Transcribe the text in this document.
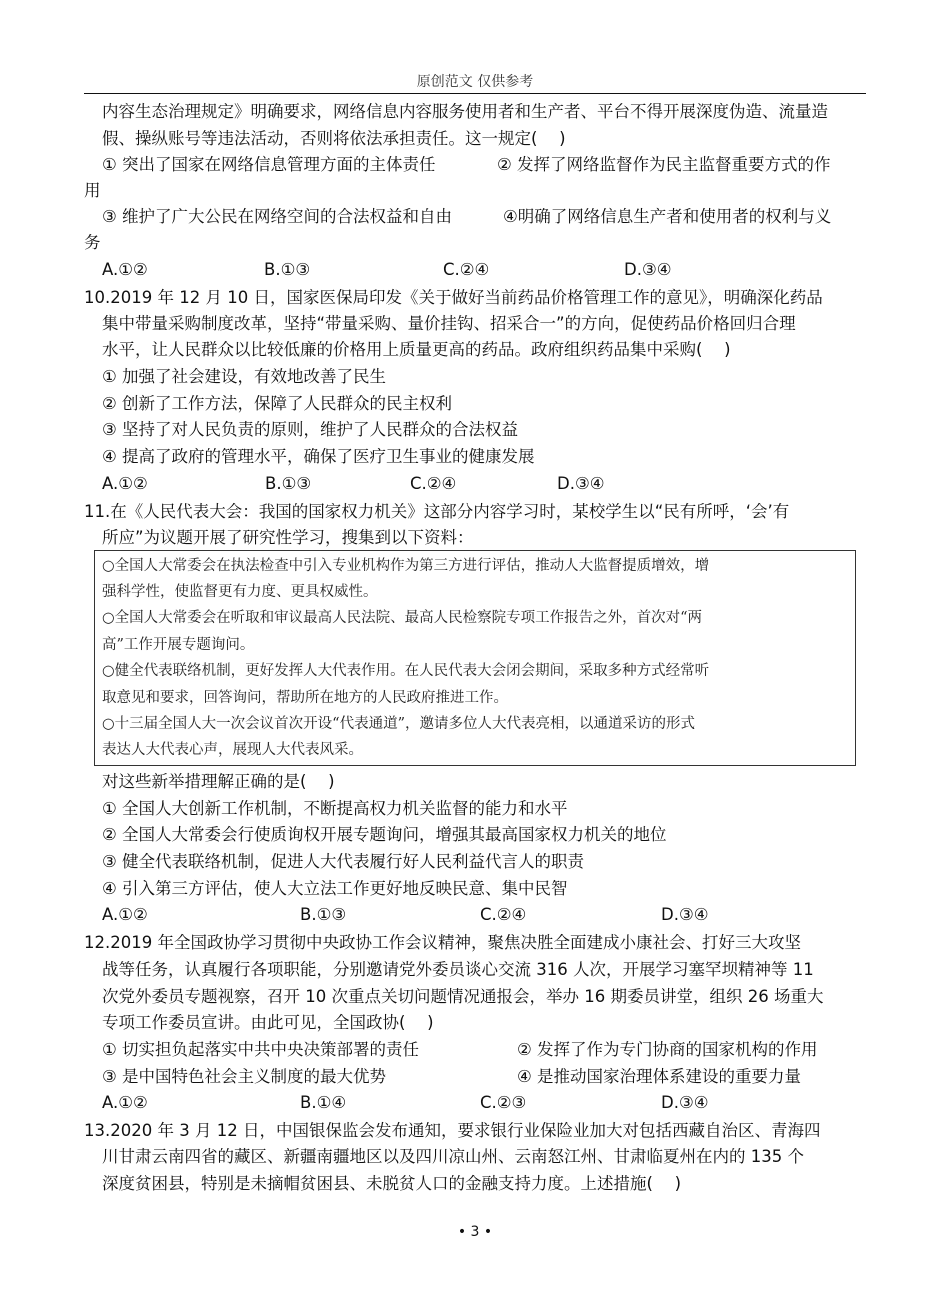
原创范文 仅供参考
内容生态治理规定》明确要求，网络信息内容服务使用者和生产者、平台不得开展深度伪造、流量造
假、操纵账号等违法活动，否则将依法承担责任。这一规定(　 )
① 突出了国家在网络信息管理方面的主体责任	② 发挥了网络监督作为民主监督重要方式的作
用
③ 维护了广大公民在网络空间的合法权益和自由	④明确了网络信息生产者和使用者的权利与义
务
A.①②	B.①③	C.②④	D.③④
10.2019 年 12 月 10 日，国家医保局印发《关于做好当前药品价格管理工作的意见》，明确深化药品
集中带量采购制度改革，坚持“带量采购、量价挂钩、招采合一”的方向，促使药品价格回归合理
水平，让人民群众以比较低廉的价格用上质量更高的药品。政府组织药品集中采购(　 )
① 加强了社会建设，有效地改善了民生
② 创新了工作方法，保障了人民群众的民主权利
③ 坚持了对人民负责的原则，维护了人民群众的合法权益
④ 提高了政府的管理水平，确保了医疗卫生事业的健康发展
A.①②	B.①③	C.②④	D.③④
11.在《人民代表大会：我国的国家权力机关》这部分内容学习时，某校学生以“民有所呼，‘会’有
所应”为议题开展了研究性学习，搜集到以下资料：
○全国人大常委会在执法检查中引入专业机构作为第三方进行评估，推动人大监督提质增效，增
强科学性，使监督更有力度、更具权威性。
○全国人大常委会在听取和审议最高人民法院、最高人民检察院专项工作报告之外，首次对“两
高”工作开展专题询问。
○健全代表联络机制，更好发挥人大代表作用。在人民代表大会闭会期间，采取多种方式经常听
取意见和要求，回答询问，帮助所在地方的人民政府推进工作。
○十三届全国人大一次会议首次开设“代表通道”，邀请多位人大代表亮相，以通道采访的形式
表达人大代表心声，展现人大代表风采。
对这些新举措理解正确的是(　 )
① 全国人大创新工作机制，不断提高权力机关监督的能力和水平
② 全国人大常委会行使质询权开展专题询问，增强其最高国家权力机关的地位
③ 健全代表联络机制，促进人大代表履行好人民利益代言人的职责
④ 引入第三方评估，使人大立法工作更好地反映民意、集中民智
A.①②	B.①③	C.②④	D.③④
12.2019 年全国政协学习贯彻中央政协工作会议精神，聚焦决胜全面建成小康社会、打好三大攻坚
战等任务，认真履行各项职能，分别邀请党外委员谈心交流 316 人次，开展学习塞罕坝精神等 11
次党外委员专题视察，召开 10 次重点关切问题情况通报会，举办 16 期委员讲堂，组织 26 场重大
专项工作委员宣讲。由此可见，全国政协(　 )
① 切实担负起落实中共中央决策部署的责任	② 发挥了作为专门协商的国家机构的作用
③ 是中国特色社会主义制度的最大优势	④ 是推动国家治理体系建设的重要力量
A.①②	B.①④	C.②③	D.③④
13.2020 年 3 月 12 日，中国银保监会发布通知，要求银行业保险业加大对包括西藏自治区、青海四
川甘肃云南四省的藏区、新疆南疆地区以及四川凉山州、云南怒江州、甘肃临夏州在内的 135 个
深度贫困县，特别是未摘帽贫困县、未脱贫人口的金融支持力度。上述措施(　 )
• 3 •
